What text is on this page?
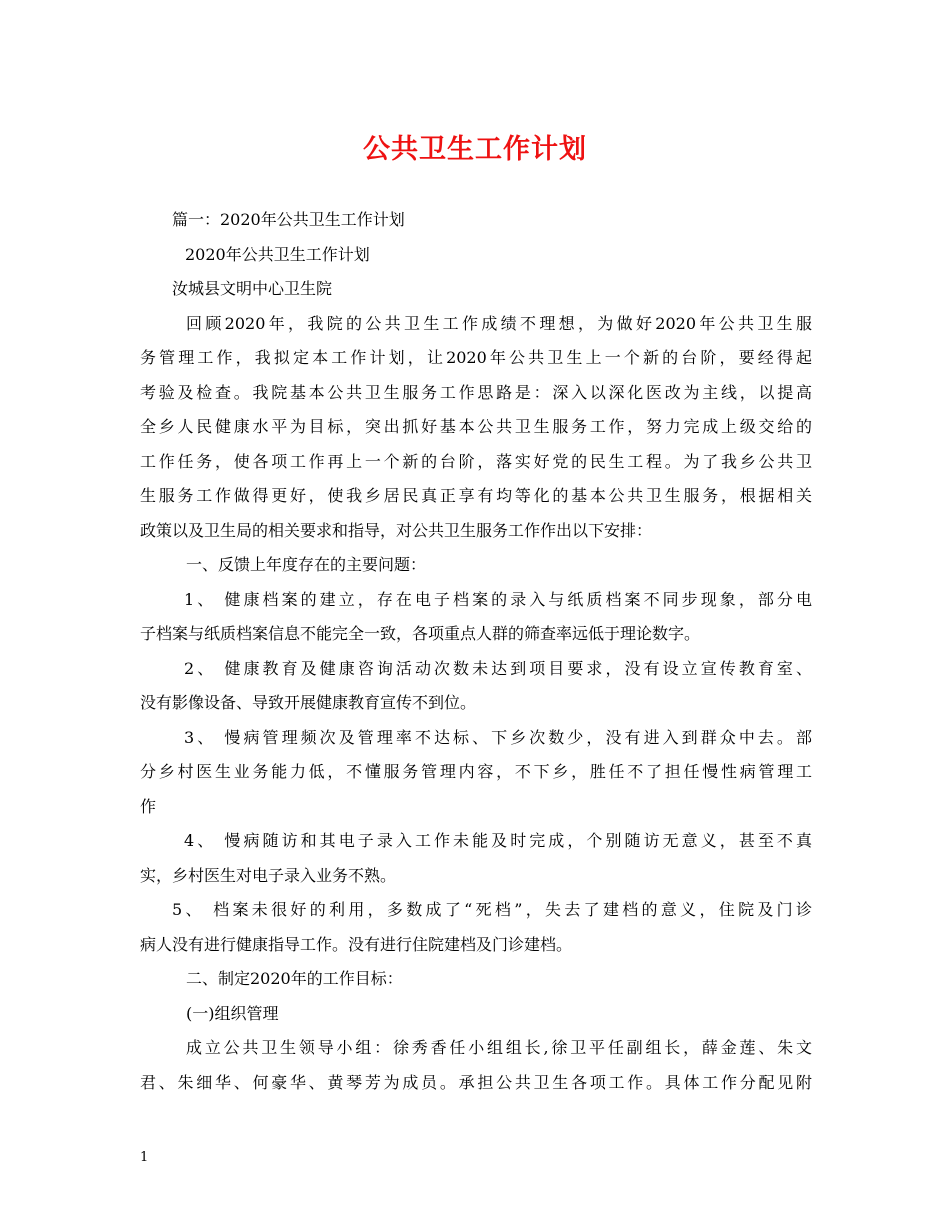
公共卫生工作计划
篇一：2020年公共卫生工作计划
2020年公共卫生工作计划
汝城县文明中心卫生院
回顾2020年，我院的公共卫生工作成绩不理想，为做好2020年公共卫生服
务管理工作，我拟定本工作计划，让2020年公共卫生上一个新的台阶，要经得起
考验及检查。我院基本公共卫生服务工作思路是：深入以深化医改为主线，以提高
全乡人民健康水平为目标，突出抓好基本公共卫生服务工作，努力完成上级交给的
工作任务，使各项工作再上一个新的台阶，落实好党的民生工程。为了我乡公共卫
生服务工作做得更好，使我乡居民真正享有均等化的基本公共卫生服务，根据相关
政策以及卫生局的相关要求和指导，对公共卫生服务工作作出以下安排：
一、反馈上年度存在的主要问题：
1、 健康档案的建立，存在电子档案的录入与纸质档案不同步现象，部分电
子档案与纸质档案信息不能完全一致，各项重点人群的筛查率远低于理论数字。
2、 健康教育及健康咨询活动次数未达到项目要求，没有设立宣传教育室、
没有影像设备、导致开展健康教育宣传不到位。
3、 慢病管理频次及管理率不达标、下乡次数少，没有进入到群众中去。部
分乡村医生业务能力低，不懂服务管理内容，不下乡，胜任不了担任慢性病管理工
作
4、 慢病随访和其电子录入工作未能及时完成，个别随访无意义，甚至不真
实，乡村医生对电子录入业务不熟。
5、 档案未很好的利用，多数成了“死档”，失去了建档的意义，住院及门诊
病人没有进行健康指导工作。没有进行住院建档及门诊建档。
二、制定2020年的工作目标：
(一)组织管理
成立公共卫生领导小组：徐秀香任小组组长,徐卫平任副组长，薛金莲、朱文
君、朱细华、何豪华、黄琴芳为成员。承担公共卫生各项工作。具体工作分配见附
1
